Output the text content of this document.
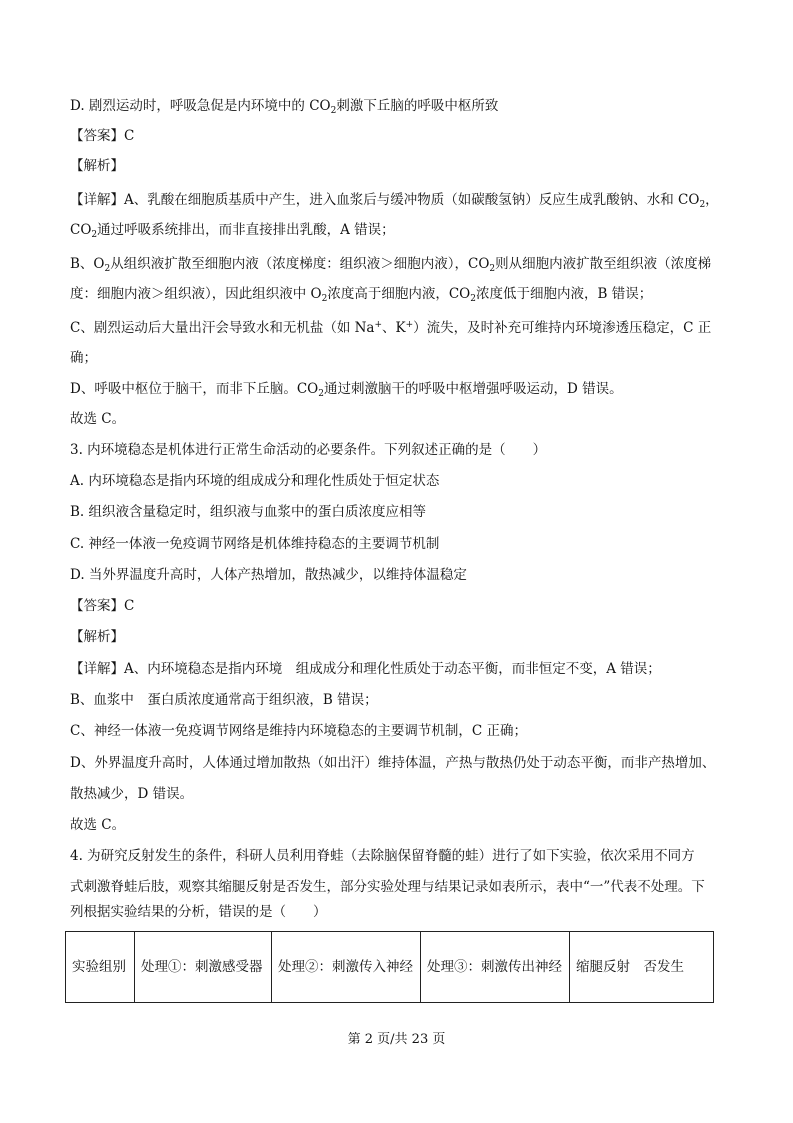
D. 剧烈运动时，呼吸急促是内环境中的 $CO_2$刺激下丘脑的呼吸中枢所致
【答案】C
【解析】
【详解】A、乳酸在细胞质基质中产生，进入血浆后与缓冲物质（如碳酸氢钠）反应生成乳酸钠、水和 $CO_2$，
$CO_2$通过呼吸系统排出，而非直接排出乳酸，A 错误；
B、$O_2$从组织液扩散至细胞内液（浓度梯度：组织液＞细胞内液），$CO_2$则从细胞内液扩散至组织液（浓度梯
度：细胞内液＞组织液），因此组织液中 $O_2$浓度高于细胞内液，$CO_2$浓度低于细胞内液，B 错误；
C、剧烈运动后大量出汗会导致水和无机盐（如 Na+、K+）流失，及时补充可维持内环境渗透压稳定，C 正
确；
D、呼吸中枢位于脑干，而非下丘脑。$CO_2$通过刺激脑干的呼吸中枢增强呼吸运动，D 错误。
故选 C。
3. 内环境稳态是机体进行正常生命活动的必要条件。下列叙述正确的是（　　）
A. 内环境稳态是指内环境的组成成分和理化性质处于恒定状态
B. 组织液含量稳定时，组织液与血浆中的蛋白质浓度应相等
C. 神经一体液一免疫调节网络是机体维持稳态的主要调节机制
D. 当外界温度升高时，人体产热增加，散热减少，以维持体温稳定
【答案】C
【解析】
【详解】A、内环境稳态是指内环境　组成成分和理化性质处于动态平衡，而非恒定不变，A 错误；
B、血浆中　蛋白质浓度通常高于组织液，B 错误；
C、神经一体液一免疫调节网络是维持内环境稳态的主要调节机制，C 正确；
D、外界温度升高时，人体通过增加散热（如出汗）维持体温，产热与散热仍处于动态平衡，而非产热增加、
散热减少，D 错误。
故选 C。
4. 为研究反射发生的条件，科研人员利用脊蛙（去除脑保留脊髓的蛙）进行了如下实验，依次采用不同方
式刺激脊蛙后肢，观察其缩腿反射是否发生，部分实验处理与结果记录如表所示，表中“一”代表不处理。下
列根据实验结果的分析，错误的是（　　）
实验组别	处理①：刺激感受器	处理②：刺激传入神经	处理③：刺激传出神经	缩腿反射　否发生
第 2 页/共 23 页
